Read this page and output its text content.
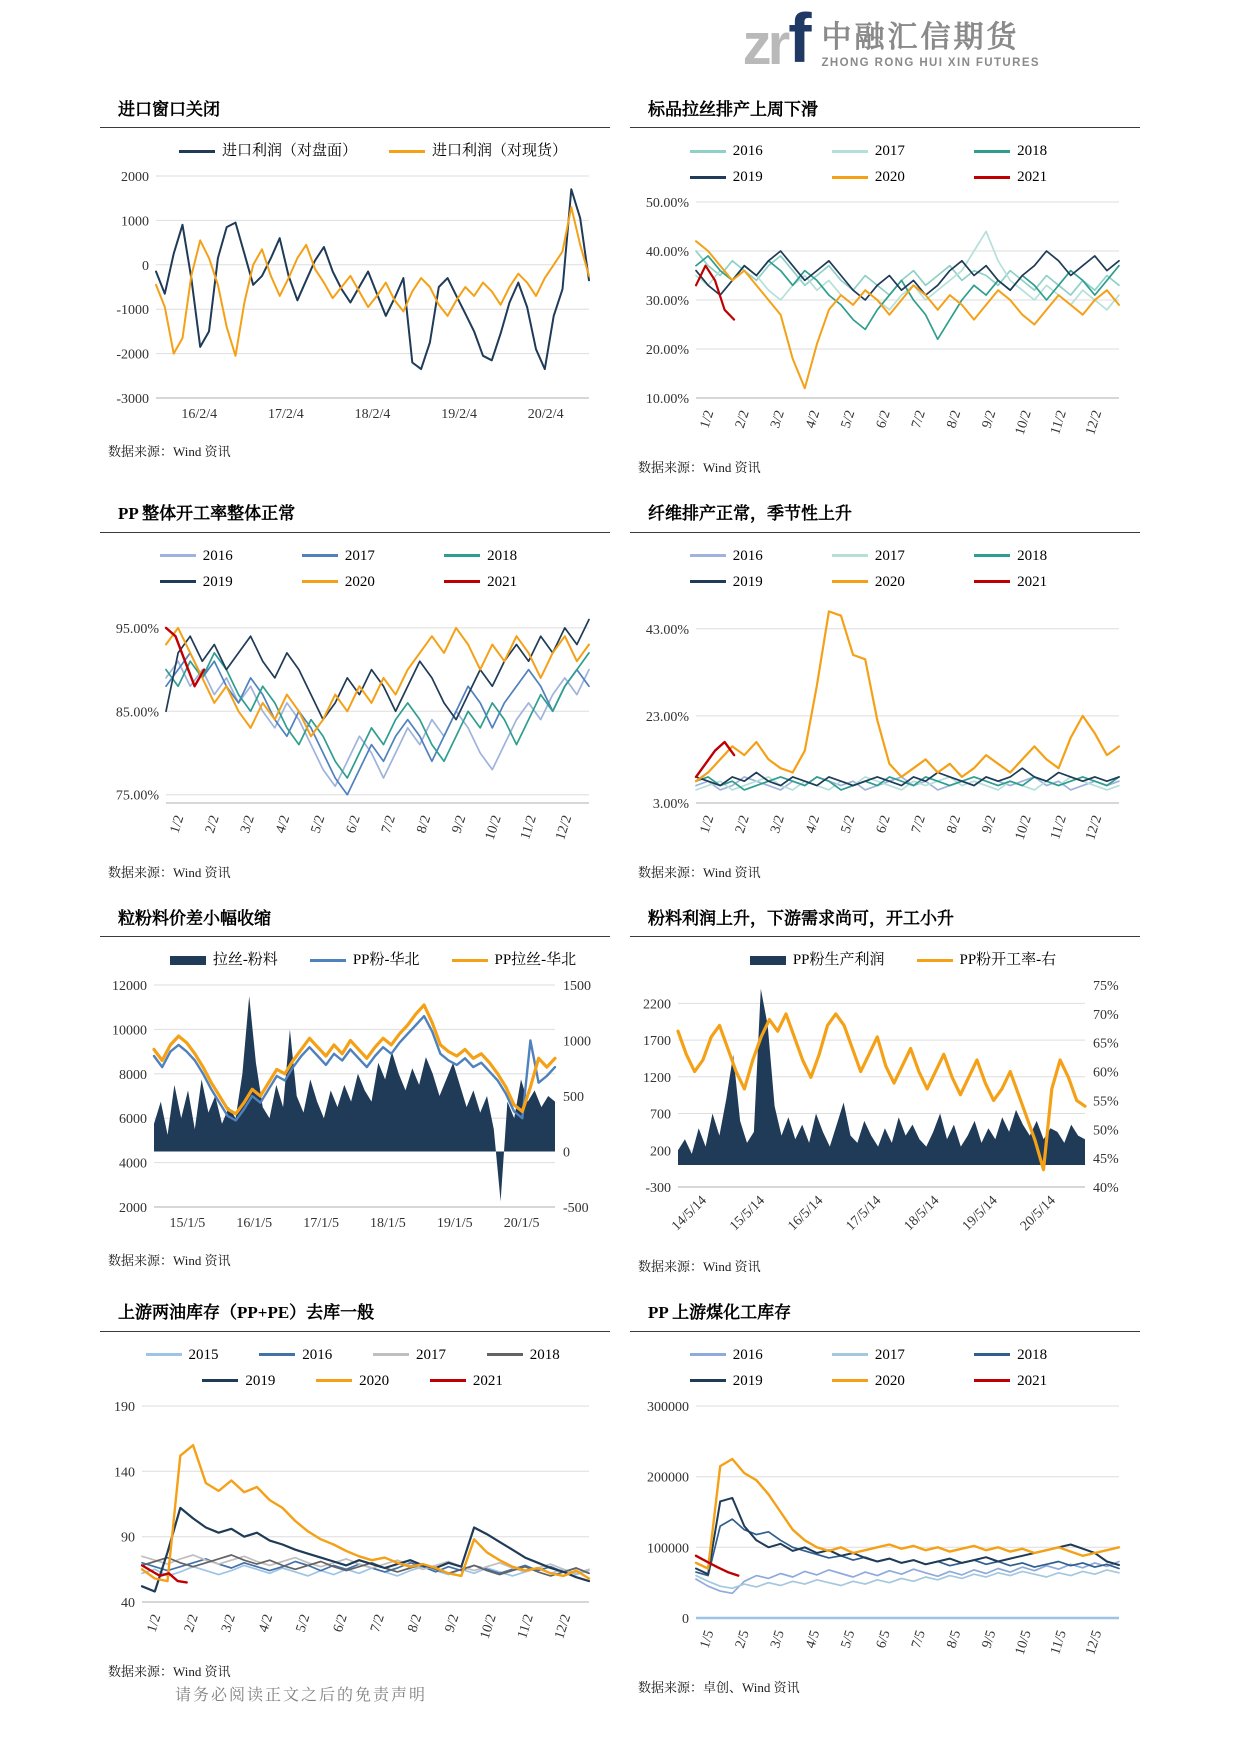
zr f 中融汇信期货
ZHONG RONG HUI XIN FUTURES
进口窗口关闭
进口利润（对盘面）	进口利润（对现货）
2000
1000
0
-1000
-2000
-3000
16/2/4	17/2/4	18/2/4	19/2/4	20/2/4
数据来源：Wind 资讯
标品拉丝排产上周下滑
2016	2017	2018
2019	2020	2021
50.00%
40.00%
30.00%
20.00%
10.00%
1/2 2/2 3/2 4/2 5/2 6/2 7/2 8/2 9/2 10/2 11/2 12/2
数据来源：Wind 资讯
PP 整体开工率整体正常
2016	2017	2018
2019	2020	2021
95.00%
85.00%
75.00%
1/2 2/2 3/2 4/2 5/2 6/2 7/2 8/2 9/2 10/2 11/2 12/2
数据来源：Wind 资讯
纤维排产正常，季节性上升
2016	2017	2018
2019	2020	2021
43.00%
23.00%
3.00%
1/2 2/2 3/2 4/2 5/2 6/2 7/2 8/2 9/2 10/2 11/2 12/2
数据来源：Wind 资讯
粒粉料价差小幅收缩
拉丝-粉料	PP粉-华北	PP拉丝-华北
12000
10000
8000
6000
4000
2000
1500
1000
500
0
-500
15/1/5 16/1/5 17/1/5 18/1/5 19/1/5 20/1/5
数据来源：Wind 资讯
粉料利润上升，下游需求尚可，开工小升
PP粉生产利润	PP粉开工率-右
2200
1700
1200
700
200
-300
75%
70%
65%
60%
55%
50%
45%
40%
14/5/14 15/5/14 16/5/14 17/5/14 18/5/14 19/5/14 20/5/14
数据来源：Wind 资讯
上游两油库存（PP+PE）去库一般
2015	2016	2017	2018
2019	2020	2021
190
140
90
40
1/2 2/2 3/2 4/2 5/2 6/2 7/2 8/2 9/2 10/2 11/2 12/2
数据来源：Wind 资讯
PP 上游煤化工库存
2016	2017	2018
2019	2020	2021
300000
200000
100000
0
1/5 2/5 3/5 4/5 5/5 6/5 7/5 8/5 9/5 10/5 11/5 12/5
数据来源：卓创、Wind 资讯
请务必阅读正文之后的免责声明
